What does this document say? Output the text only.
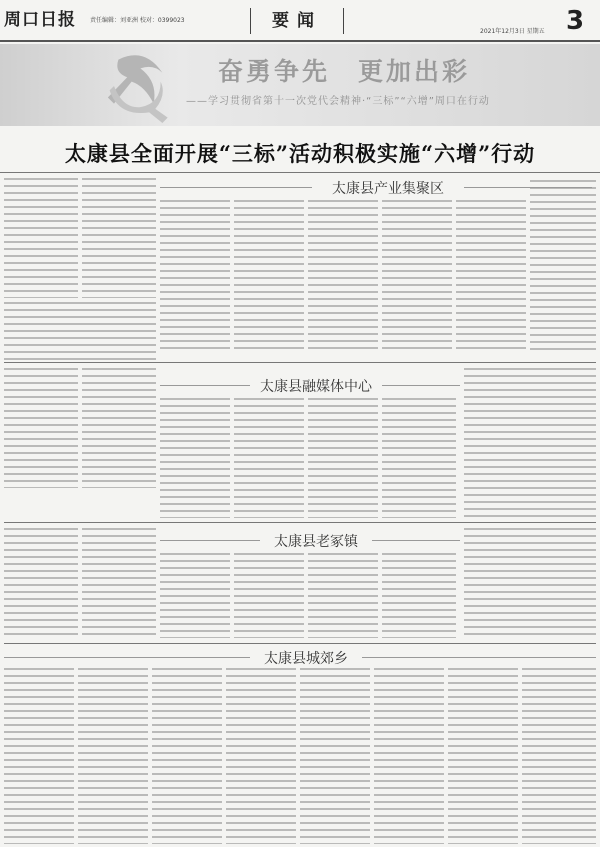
周口日报 责任编辑：刘亚洲 校对：0399023	要闻
2021年12月3日 星期五 3
奋勇争先　更加出彩
——学习贯彻省第十一次党代会精神·“三标”“六增”周口在行动
太康县全面开展“三标”活动积极实施“六增”行动
太康县产业集聚区
太康县融媒体中心
太康县老冢镇
太康县城郊乡
